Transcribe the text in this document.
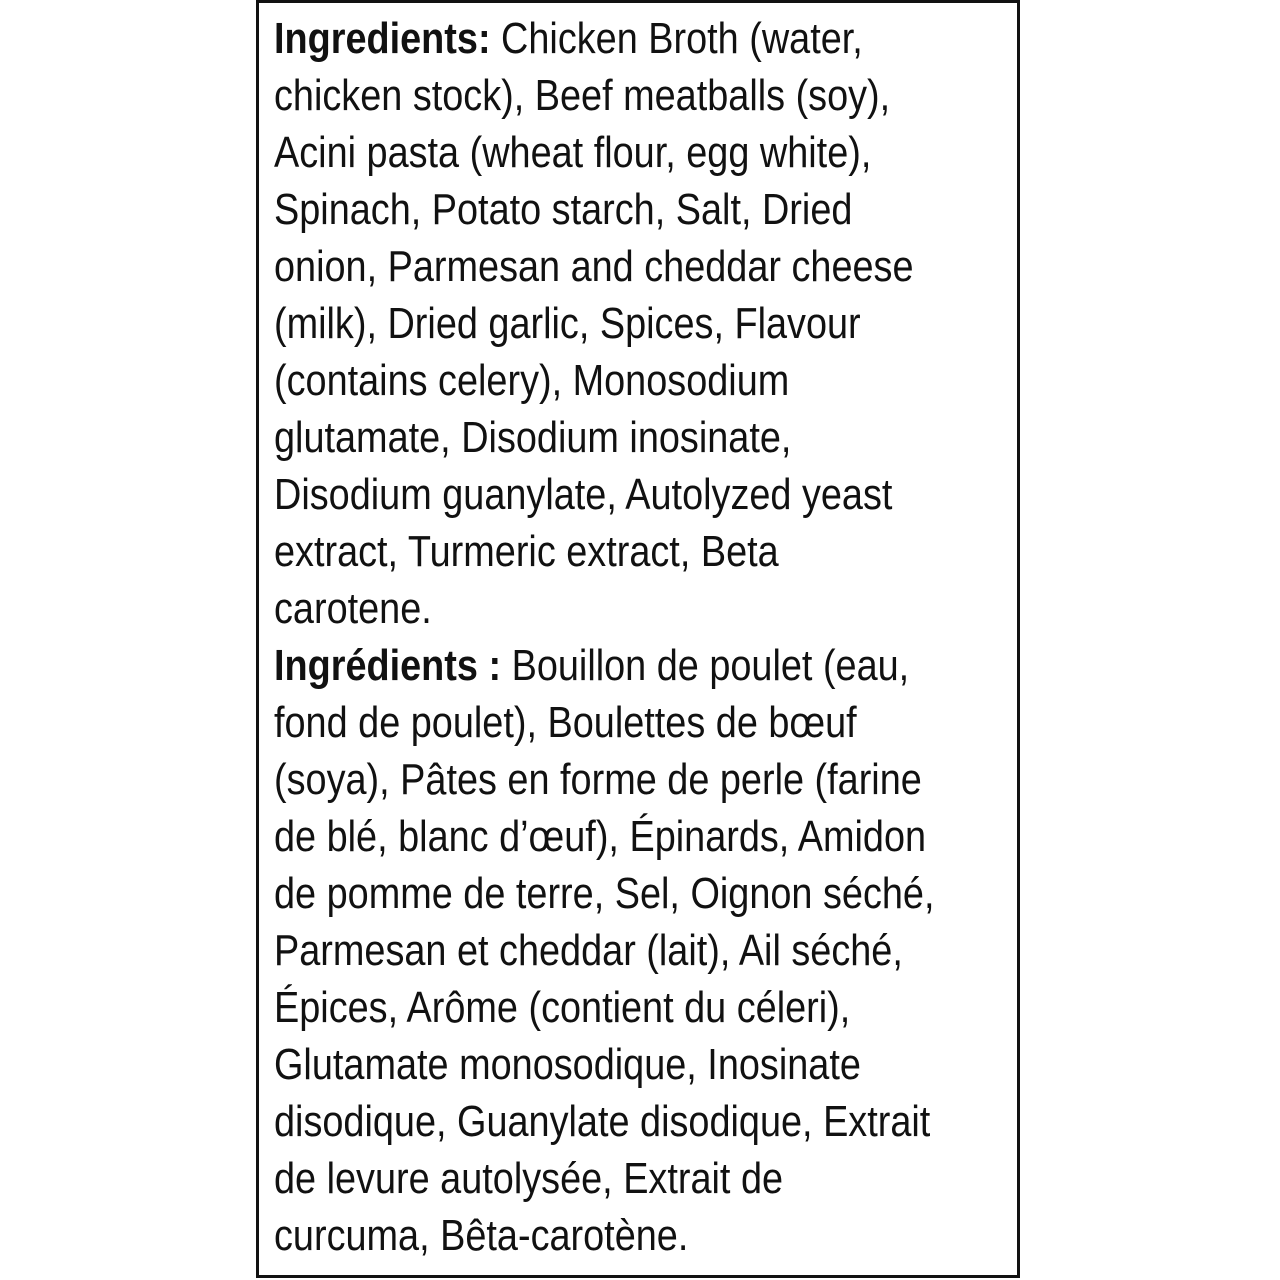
Ingredients: Chicken Broth (water,
chicken stock), Beef meatballs (soy),
Acini pasta (wheat flour, egg white),
Spinach, Potato starch, Salt, Dried
onion, Parmesan and cheddar cheese
(milk), Dried garlic, Spices, Flavour
(contains celery), Monosodium
glutamate, Disodium inosinate,
Disodium guanylate, Autolyzed yeast
extract, Turmeric extract, Beta
carotene.
Ingrédients : Bouillon de poulet (eau,
fond de poulet), Boulettes de bœuf
(soya), Pâtes en forme de perle (farine
de blé, blanc d’œuf), Épinards, Amidon
de pomme de terre, Sel, Oignon séché,
Parmesan et cheddar (lait), Ail séché,
Épices, Arôme (contient du céleri),
Glutamate monosodique, Inosinate
disodique, Guanylate disodique, Extrait
de levure autolysée, Extrait de
curcuma, Bêta-carotène.
